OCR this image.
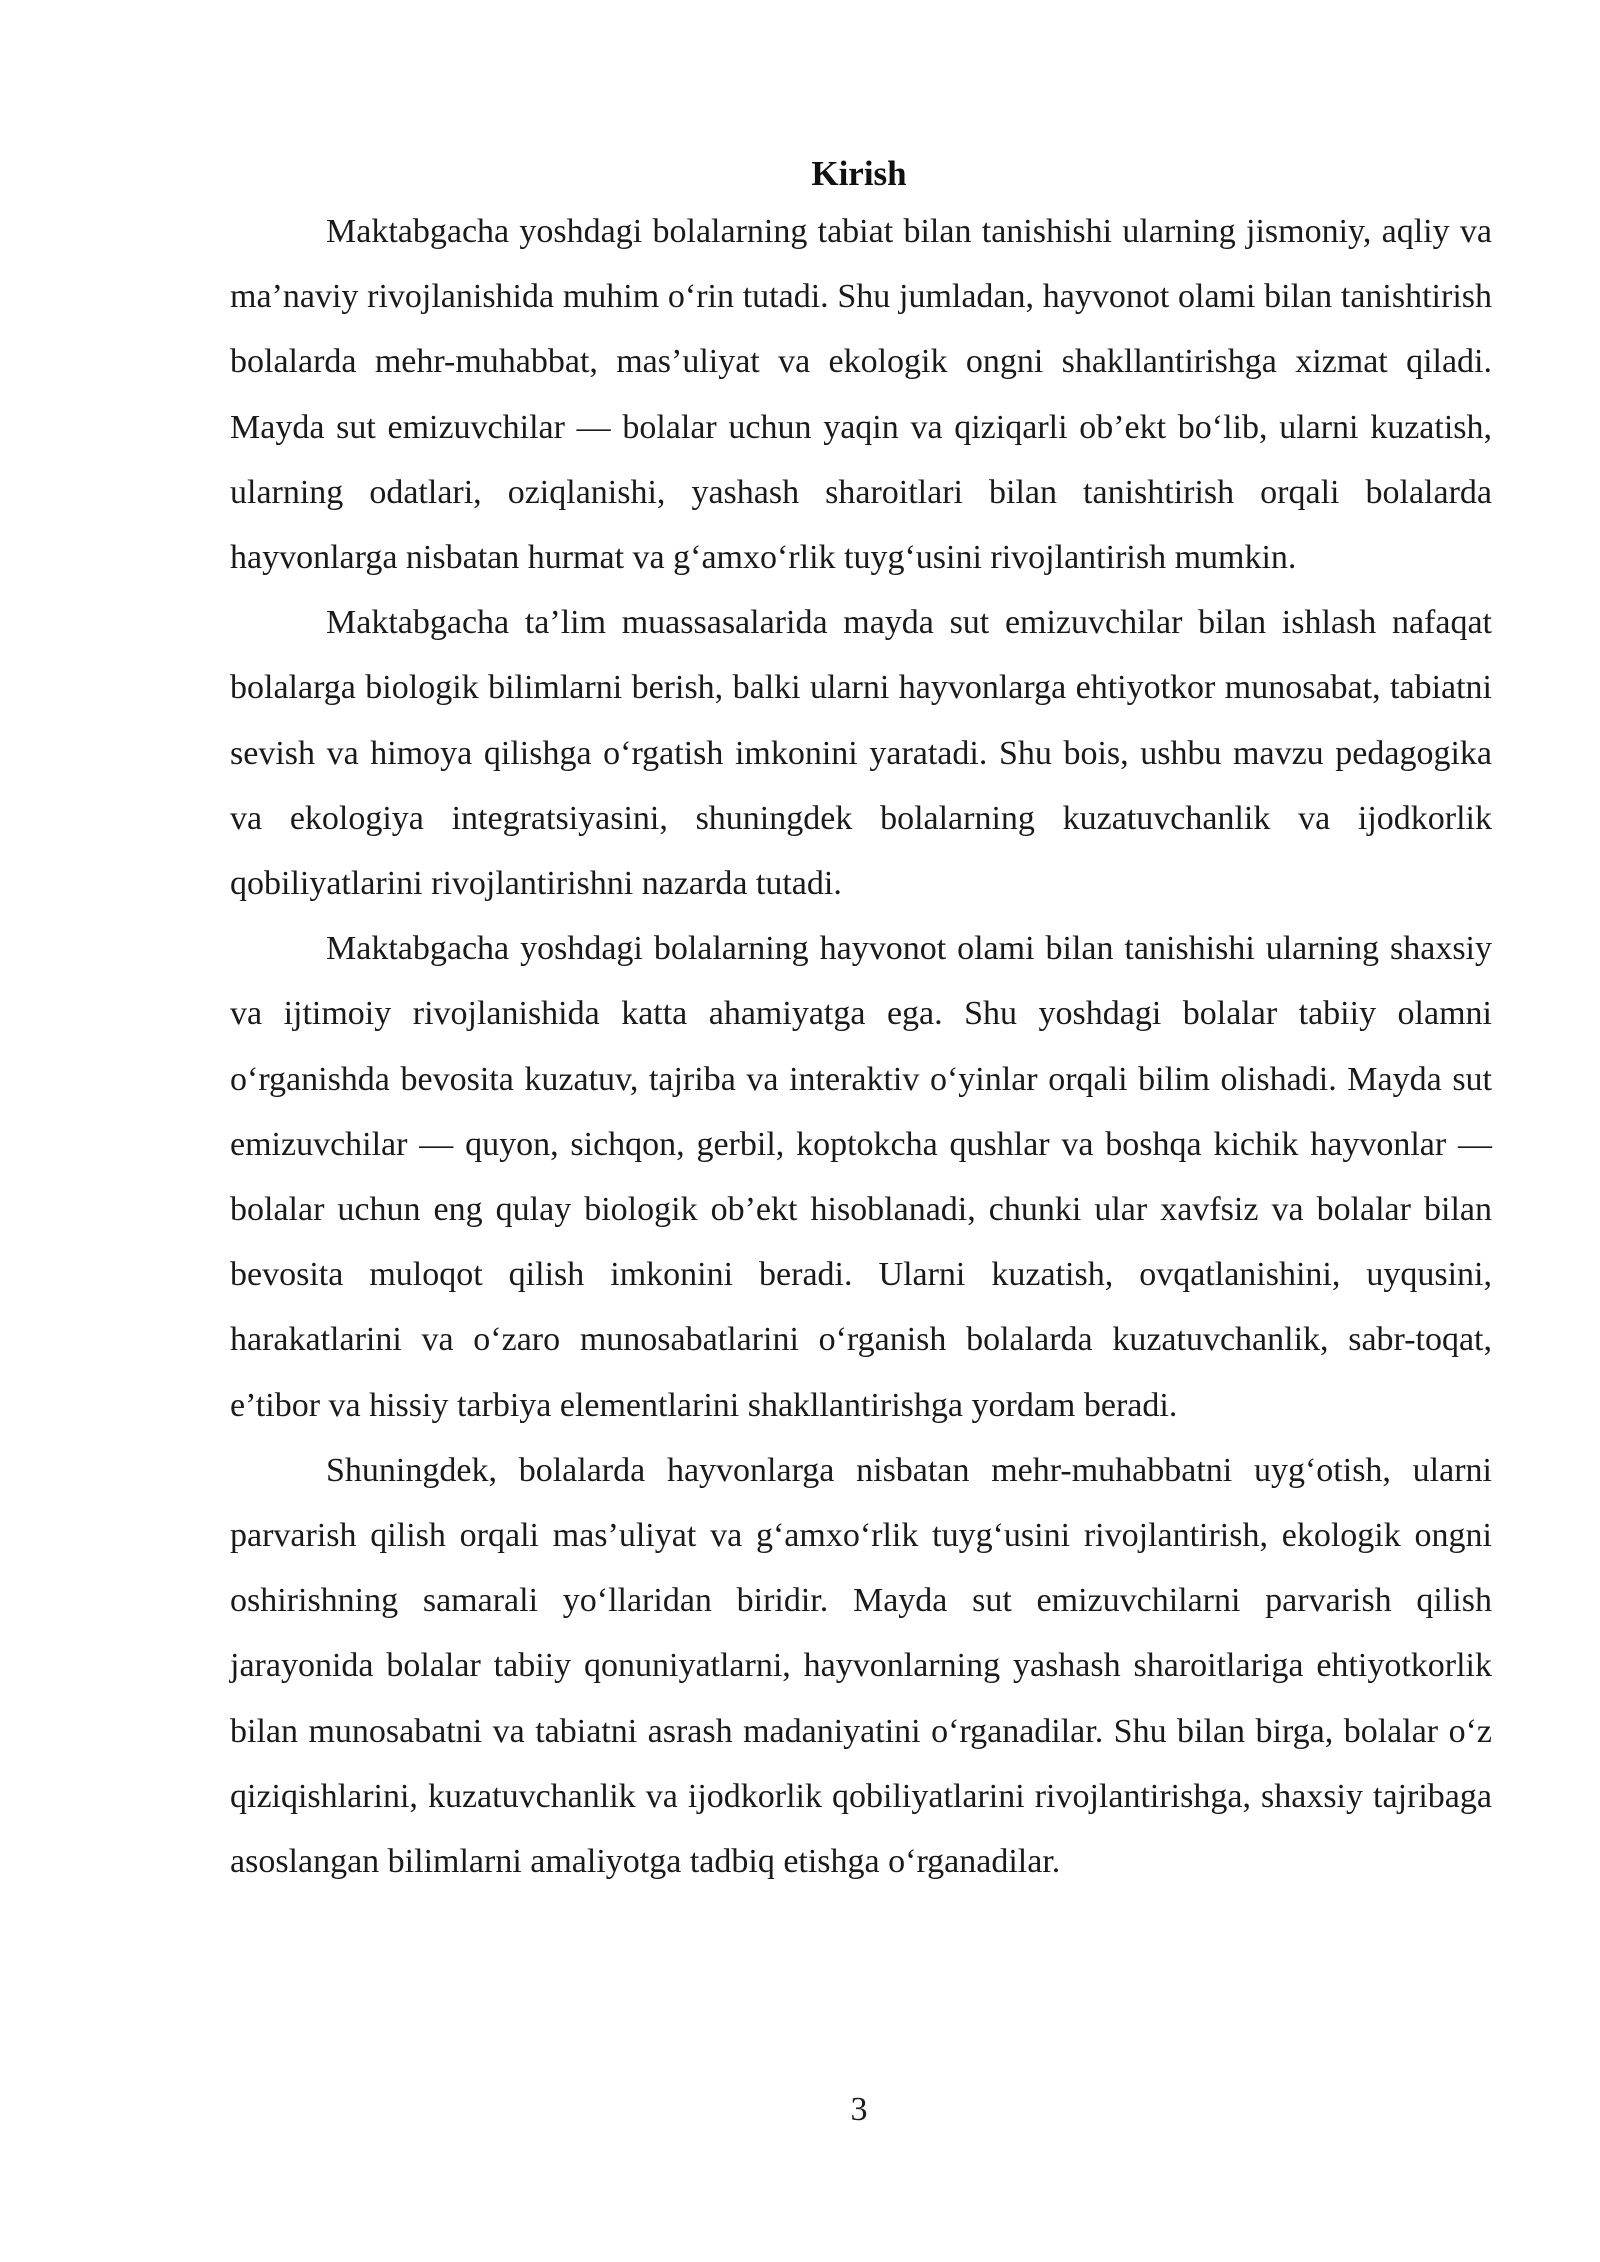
Kirish

Maktabgacha yoshdagi bolalarning tabiat bilan tanishishi ularning jismoniy, aqliy va ma’naviy rivojlanishida muhim o‘rin tutadi. Shu jumladan, hayvonot olami bilan tanishtirish bolalarda mehr-muhabbat, mas’uliyat va ekologik ongni shakllantirishga xizmat qiladi. Mayda sut emizuvchilar — bolalar uchun yaqin va qiziqarli ob’ekt bo‘lib, ularni kuzatish, ularning odatlari, oziqlanishi, yashash sharoitlari bilan tanishtirish orqali bolalarda hayvonlarga nisbatan hurmat va g‘amxo‘rlik tuyg‘usini rivojlantirish mumkin.

Maktabgacha ta’lim muassasalarida mayda sut emizuvchilar bilan ishlash nafaqat bolalarga biologik bilimlarni berish, balki ularni hayvonlarga ehtiyotkor munosabat, tabiatni sevish va himoya qilishga o‘rgatish imkonini yaratadi. Shu bois, ushbu mavzu pedagogika va ekologiya integratsiyasini, shuningdek bolalarning kuzatuvchanlik va ijodkorlik qobiliyatlarini rivojlantirishni nazarda tutadi.

Maktabgacha yoshdagi bolalarning hayvonot olami bilan tanishishi ularning shaxsiy va ijtimoiy rivojlanishida katta ahamiyatga ega. Shu yoshdagi bolalar tabiiy olamni o‘rganishda bevosita kuzatuv, tajriba va interaktiv o‘yinlar orqali bilim olishadi. Mayda sut emizuvchilar — quyon, sichqon, gerbil, koptokcha qushlar va boshqa kichik hayvonlar — bolalar uchun eng qulay biologik ob’ekt hisoblanadi, chunki ular xavfsiz va bolalar bilan bevosita muloqot qilish imkonini beradi. Ularni kuzatish, ovqatlanishini, uyqusini, harakatlarini va o‘zaro munosabatlarini o‘rganish bolalarda kuzatuvchanlik, sabr-toqat, e’tibor va hissiy tarbiya elementlarini shakllantirishga yordam beradi.

Shuningdek, bolalarda hayvonlarga nisbatan mehr-muhabbatni uyg‘otish, ularni parvarish qilish orqali mas’uliyat va g‘amxo‘rlik tuyg‘usini rivojlantirish, ekologik ongni oshirishning samarali yo‘llaridan biridir. Mayda sut emizuvchilarni parvarish qilish jarayonida bolalar tabiiy qonuniyatlarni, hayvonlarning yashash sharoitlariga ehtiyotkorlik bilan munosabatni va tabiatni asrash madaniyatini o‘rganadilar. Shu bilan birga, bolalar o‘z qiziqishlarini, kuzatuvchanlik va ijodkorlik qobiliyatlarini rivojlantirishga, shaxsiy tajribaga asoslangan bilimlarni amaliyotga tadbiq etishga o‘rganadilar.

3
